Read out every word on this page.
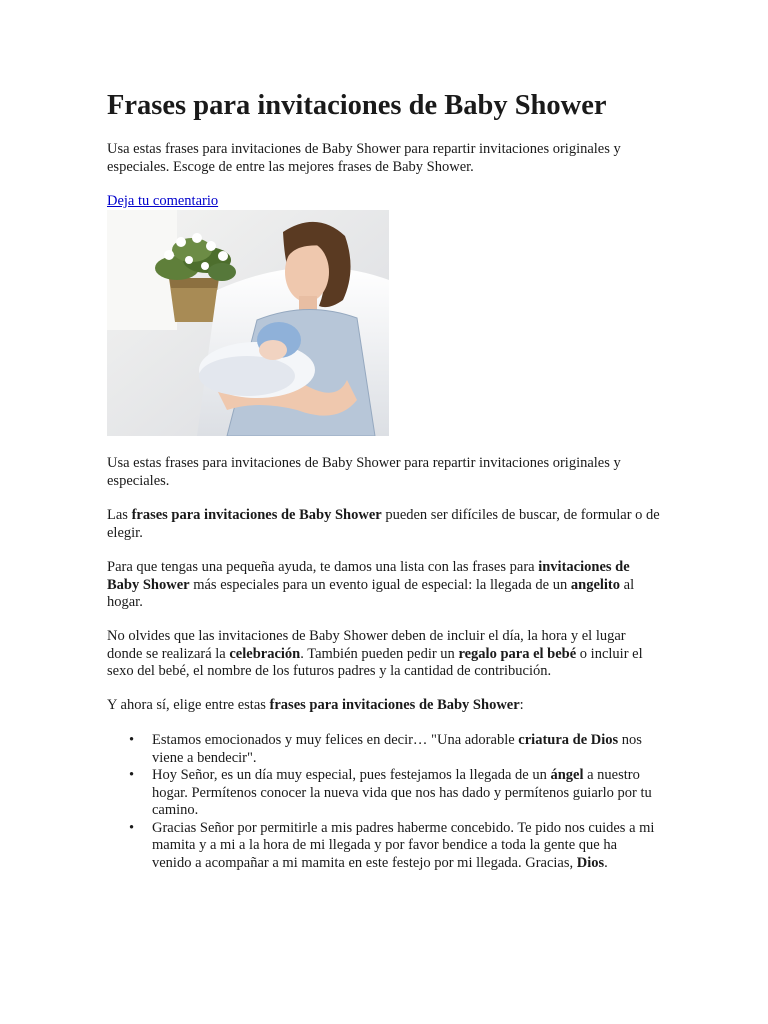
Frases para invitaciones de Baby Shower

Usa estas frases para invitaciones de Baby Shower para repartir invitaciones originales y especiales. Escoge de entre las mejores frases de Baby Shower.

Deja tu comentario

Usa estas frases para invitaciones de Baby Shower para repartir invitaciones originales y especiales.

Las frases para invitaciones de Baby Shower pueden ser difíciles de buscar, de formular o de elegir.

Para que tengas una pequeña ayuda, te damos una lista con las frases para invitaciones de Baby Shower más especiales para un evento igual de especial: la llegada de un angelito al hogar.

No olvides que las invitaciones de Baby Shower deben de incluir el día, la hora y el lugar donde se realizará la celebración. También pueden pedir un regalo para el bebé o incluir el sexo del bebé, el nombre de los futuros padres y la cantidad de contribución.

Y ahora sí, elige entre estas frases para invitaciones de Baby Shower:

• Estamos emocionados y muy felices en decir… "Una adorable criatura de Dios nos viene a bendecir".
• Hoy Señor, es un día muy especial, pues festejamos la llegada de un ángel a nuestro hogar. Permítenos conocer la nueva vida que nos has dado y permítenos guiarlo por tu camino.
• Gracias Señor por permitirle a mis padres haberme concebido. Te pido nos cuides a mi mamita y a mi a la hora de mi llegada y por favor bendice a toda la gente que ha venido a acompañar a mi mamita en este festejo por mi llegada. Gracias, Dios.
